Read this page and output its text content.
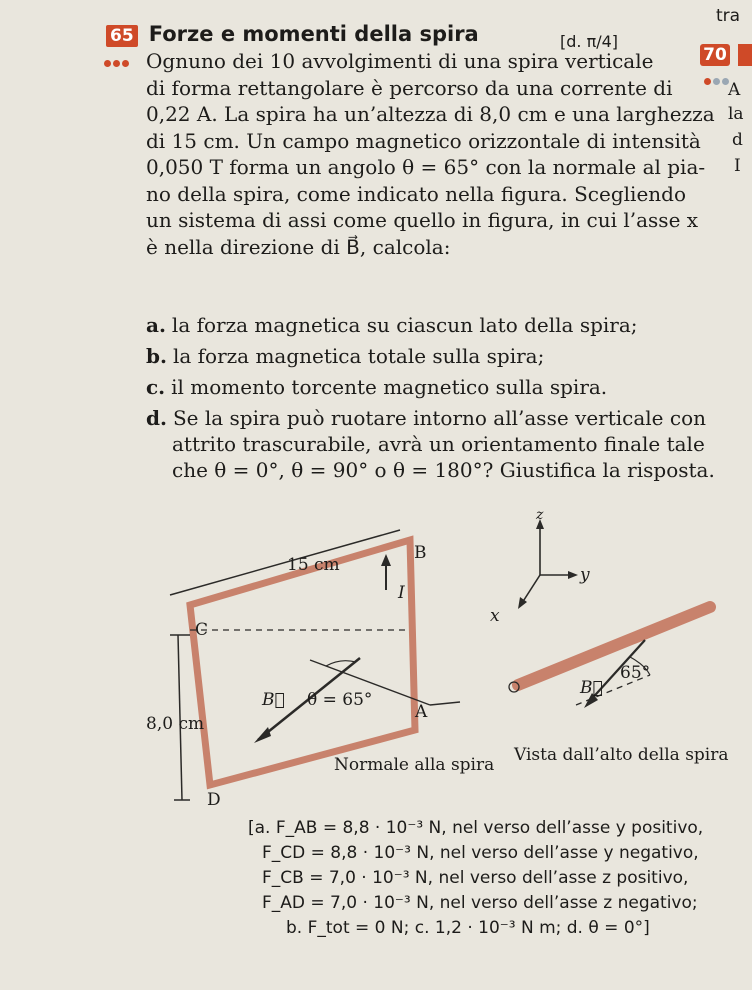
65 Forze e momenti della spira	[d. π/4]
tra
70
A
la
d
I
Ognuno dei 10 avvolgimenti di una spira verticale
di forma rettangolare è percorso da una corrente di
0,22 A. La spira ha un’altezza di 8,0 cm e una larghezza
di 15 cm. Un campo magnetico orizzontale di intensità
0,050 T forma un angolo θ = 65° con la normale al pia-
no della spira, come indicato nella figura. Scegliendo
un sistema di assi come quello in figura, in cui l’asse x
è nella direzione di B⃗, calcola:
a. la forza magnetica su ciascun lato della spira;
b. la forza magnetica totale sulla spira;
c. il momento torcente magnetico sulla spira.
d. Se la spira può ruotare intorno all’asse verticale con
attrito trascurabile, avrà un orientamento finale tale
che θ = 0°, θ = 90° o θ = 180°? Giustifica la risposta.
15 cm
B
C
A
D
I
8,0 cm
B⃗ θ = 65°
Normale alla spira
z
y
x
65°
B⃗
Vista dall’alto della spira
[a. F_AB = 8,8 · 10⁻³ N, nel verso dell’asse y positivo,
F_CD = 8,8 · 10⁻³ N, nel verso dell’asse y negativo,
F_CB = 7,0 · 10⁻³ N, nel verso dell’asse z positivo,
F_AD = 7,0 · 10⁻³ N, nel verso dell’asse z negativo;
b. F_tot = 0 N; c. 1,2 · 10⁻³ N m; d. θ = 0°]
